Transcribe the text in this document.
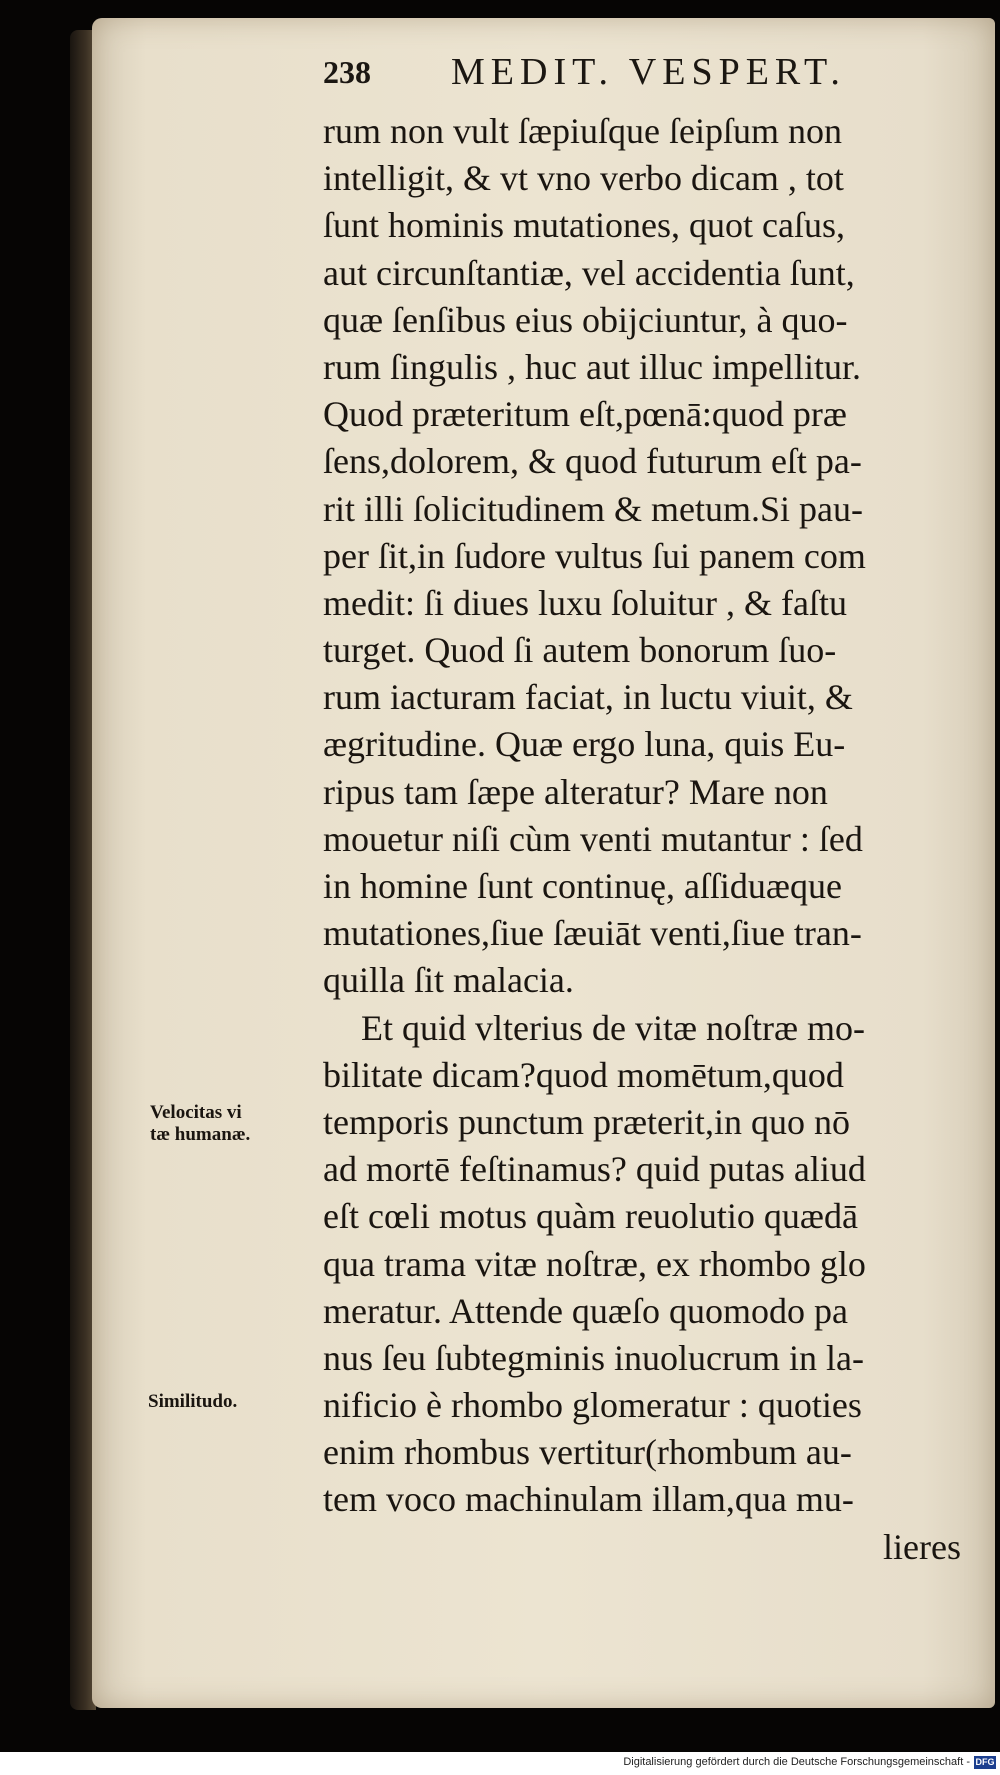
238 MEDIT. VESPERT.
rum non vult ſæpiuſque ſeipſum non
intelligit, & vt vno verbo dicam , tot
ſunt hominis mutationes, quot caſus,
aut circunſtantiæ, vel accidentia ſunt,
quæ ſenſibus eius obijciuntur, à quo-
rum ſingulis , huc aut illuc impellitur.
Quod præteritum eſt,pœnā:quod præ
ſens,dolorem, & quod futurum eſt pa-
rit illi ſolicitudinem & metum.Si pau-
per ſit,in ſudore vultus ſui panem com
medit: ſi diues luxu ſoluitur , & faſtu
turget. Quod ſi autem bonorum ſuo-
rum iacturam faciat, in luctu viuit, &
ægritudine. Quæ ergo luna, quis Eu-
ripus tam ſæpe alteratur? Mare non
mouetur niſi cùm venti mutantur : ſed
in homine ſunt continuę, aſſiduæque
mutationes,ſiue ſæuiāt venti,ſiue tran-
quilla ſit malacia.
Et quid vlterius de vitæ noſtræ mo-
bilitate dicam?quod momētum,quod
temporis punctum præterit,in quo nō
ad mortē feſtinamus? quid putas aliud
eſt cœli motus quàm reuolutio quædā
qua trama vitæ noſtræ, ex rhombo glo
meratur. Attende quæſo quomodo pa
nus ſeu ſubtegminis inuolucrum in la-
nificio è rhombo glomeratur : quoties
enim rhombus vertitur(rhombum au-
tem voco machinulam illam,qua mu-
lieres
Velocitas vi
tæ humanæ.
Similitudo.
Digitalisierung gefördert durch die Deutsche Forschungsgemeinschaft - DFG
